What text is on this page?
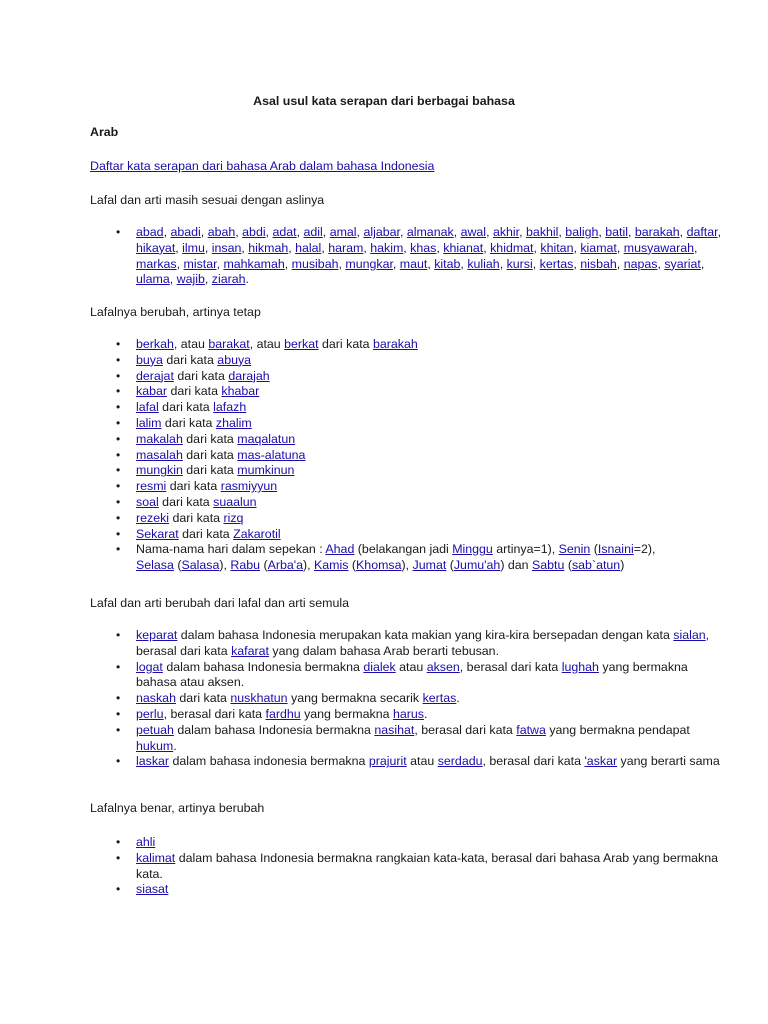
Asal usul kata serapan dari berbagai bahasa
Arab
Daftar kata serapan dari bahasa Arab dalam bahasa Indonesia
Lafal dan arti masih sesuai dengan aslinya
• abad, abadi, abah, abdi, adat, adil, amal, aljabar, almanak, awal, akhir, bakhil, baligh, batil, barakah, daftar, hikayat, ilmu, insan, hikmah, halal, haram, hakim, khas, khianat, khidmat, khitan, kiamat, musyawarah, markas, mistar, mahkamah, musibah, mungkar, maut, kitab, kuliah, kursi, kertas, nisbah, napas, syariat, ulama, wajib, ziarah.
Lafalnya berubah, artinya tetap
• berkah, atau barakat, atau berkat dari kata barakah
• buya dari kata abuya
• derajat dari kata darajah
• kabar dari kata khabar
• lafal dari kata lafazh
• lalim dari kata zhalim
• makalah dari kata maqalatun
• masalah dari kata mas-alatuna
• mungkin dari kata mumkinun
• resmi dari kata rasmiyyun
• soal dari kata suaalun
• rezeki dari kata rizq
• Sekarat dari kata Zakarotil
• Nama-nama hari dalam sepekan : Ahad (belakangan jadi Minggu artinya=1), Senin (Isnaini=2),
Selasa (Salasa), Rabu (Arba'a), Kamis (Khomsa), Jumat (Jumu'ah) dan Sabtu (sab`atun)
Lafal dan arti berubah dari lafal dan arti semula
• keparat dalam bahasa Indonesia merupakan kata makian yang kira-kira bersepadan dengan kata sialan, berasal dari kata kafarat yang dalam bahasa Arab berarti tebusan.
• logat dalam bahasa Indonesia bermakna dialek atau aksen, berasal dari kata lughah yang bermakna bahasa atau aksen.
• naskah dari kata nuskhatun yang bermakna secarik kertas.
• perlu, berasal dari kata fardhu yang bermakna harus.
• petuah dalam bahasa Indonesia bermakna nasihat, berasal dari kata fatwa yang bermakna pendapat hukum.
• laskar dalam bahasa indonesia bermakna prajurit atau serdadu, berasal dari kata 'askar yang berarti sama
Lafalnya benar, artinya berubah
• ahli
• kalimat dalam bahasa Indonesia bermakna rangkaian kata-kata, berasal dari bahasa Arab yang bermakna kata.
• siasat
